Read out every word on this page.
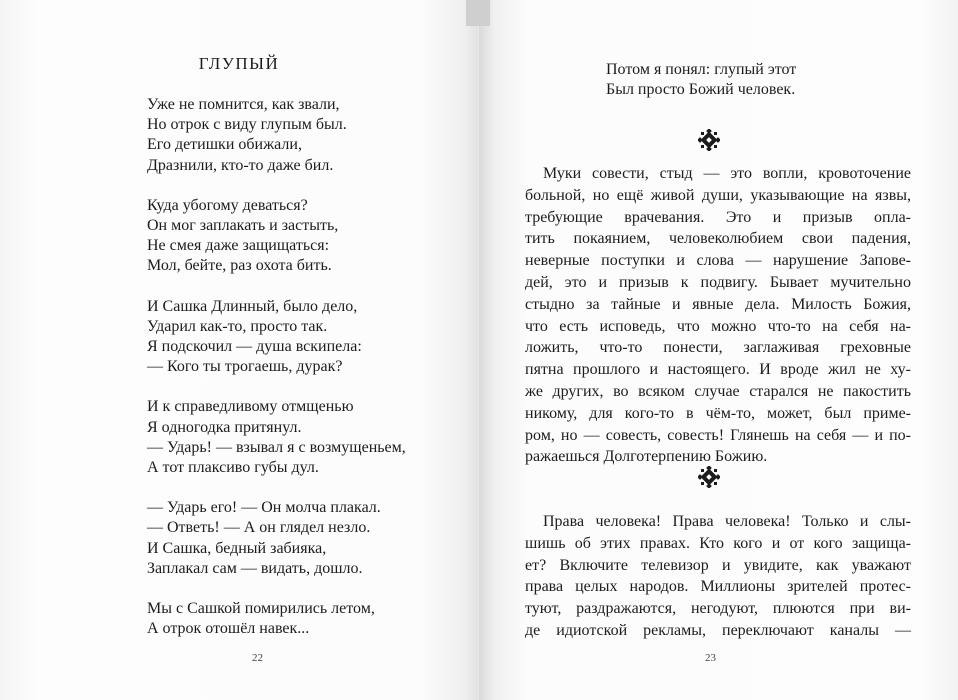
ГЛУПЫЙ
Уже не помнится, как звали,
Но отрок с виду глупым был.
Его детишки обижали,
Дразнили, кто-то даже бил.
Куда убогому деваться?
Он мог заплакать и застыть,
Не смея даже защищаться:
Мол, бейте, раз охота бить.
И Сашка Длинный, было дело,
Ударил как-то, просто так.
Я подскочил — душа вскипела:
— Кого ты трогаешь, дурак?
И к справедливому отмщенью
Я одногодка притянул.
— Ударь! — взывал я с возмущеньем,
А тот плаксиво губы дул.
— Ударь его! — Он молча плакал.
— Ответь! — А он глядел незло.
И Сашка, бедный забияка,
Заплакал сам — видать, дошло.
Мы с Сашкой помирились летом,
А отрок отошёл навек...
22
Потом я понял: глупый этот
Был просто Божий человек.
Муки совести, стыд — это вопли, кровоточение
больной, но ещё живой души, указывающие на язвы,
требующие врачевания. Это и призыв опла-
тить покаянием, человеколюбием свои падения,
неверные поступки и слова — нарушение Запове-
дей, это и призыв к подвигу. Бывает мучительно
стыдно за тайные и явные дела. Милость Божия,
что есть исповедь, что можно что-то на себя на-
ложить, что-то понести, заглаживая греховные
пятна прошлого и настоящего. И вроде жил не ху-
же других, во всяком случае старался не пакостить
никому, для кого-то в чём-то, может, был приме-
ром, но — совесть, совесть! Глянешь на себя — и по-
ражаешься Долготерпению Божию.
Права человека! Права человека! Только и слы-
шишь об этих правах. Кто кого и от кого защища-
ет? Включите телевизор и увидите, как уважают
права целых народов. Миллионы зрителей протес-
туют, раздражаются, негодуют, плюются при ви-
де идиотской рекламы, переключают каналы —
23
